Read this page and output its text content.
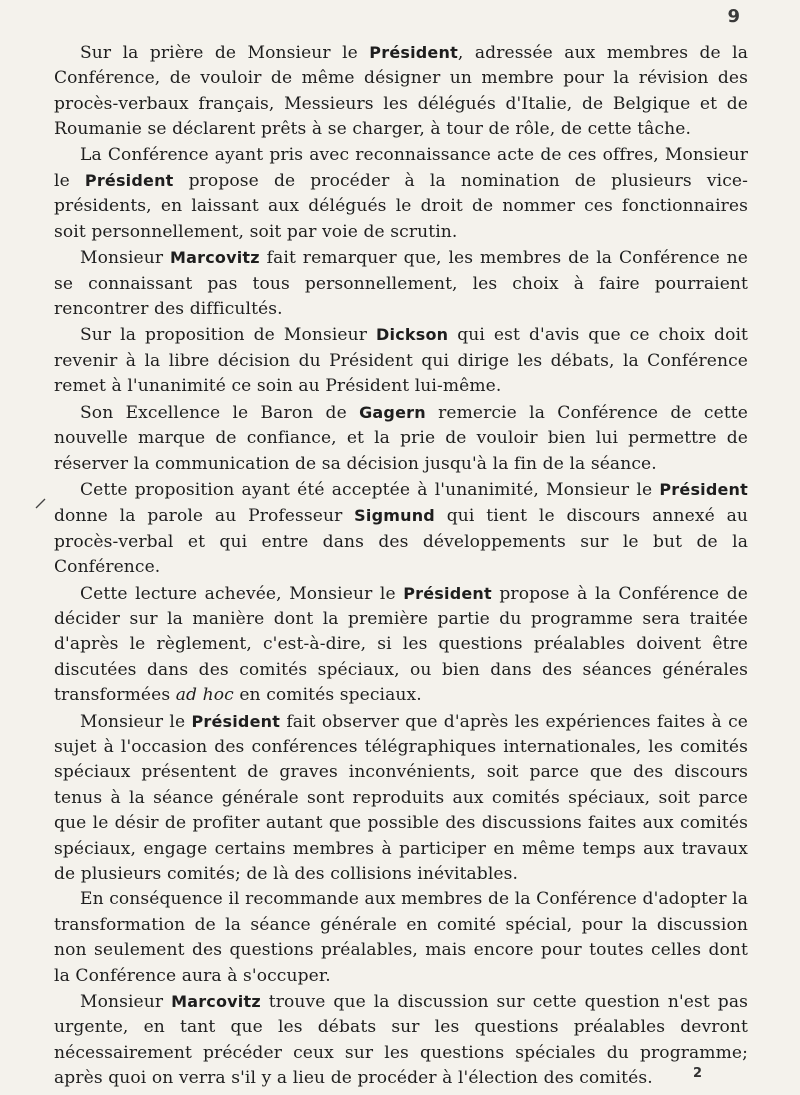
9

Sur la prière de Monsieur le Président, adressée aux membres de la Conférence, de vouloir de même désigner un membre pour la révision des procès-verbaux français, Messieurs les délégués d'Italie, de Belgique et de Roumanie se déclarent prêts à se charger, à tour de rôle, de cette tâche.

La Conférence ayant pris avec reconnaissance acte de ces offres, Monsieur le Président propose de procéder à la nomination de plusieurs vice-présidents, en laissant aux délégués le droit de nommer ces fonctionnaires soit personnellement, soit par voie de scrutin.

Monsieur Marcovitz fait remarquer que, les membres de la Conférence ne se connaissant pas tous personnellement, les choix à faire pourraient rencontrer des difficultés.

Sur la proposition de Monsieur Dickson qui est d'avis que ce choix doit revenir à la libre décision du Président qui dirige les débats, la Conférence remet à l'unanimité ce soin au Président lui-même.

Son Excellence le Baron de Gagern remercie la Conférence de cette nouvelle marque de confiance, et la prie de vouloir bien lui permettre de réserver la communication de sa décision jusqu'à la fin de la séance.

Cette proposition ayant été acceptée à l'unanimité, Monsieur le Président donne la parole au Professeur Sigmund qui tient le discours annexé au procès-verbal et qui entre dans des développements sur le but de la Conférence.

Cette lecture achevée, Monsieur le Président propose à la Conférence de décider sur la manière dont la première partie du programme sera traitée d'après le règlement, c'est-à-dire, si les questions préalables doivent être discutées dans des comités spéciaux, ou bien dans des séances générales transformées ad hoc en comités speciaux.

Monsieur le Président fait observer que d'après les expériences faites à ce sujet à l'occasion des conférences télégraphiques internationales, les comités spéciaux présentent de graves inconvénients, soit parce que des discours tenus à la séance générale sont reproduits aux comités spéciaux, soit parce que le désir de profiter autant que possible des discussions faites aux comités spéciaux, engage certains membres à participer en même temps aux travaux de plusieurs comités; de là des collisions inévitables.

En conséquence il recommande aux membres de la Conférence d'adopter la transformation de la séance générale en comité spécial, pour la discussion non seulement des questions préalables, mais encore pour toutes celles dont la Conférence aura à s'occuper.

Monsieur Marcovitz trouve que la discussion sur cette question n'est pas urgente, en tant que les débats sur les questions préalables devront nécessairement précéder ceux sur les questions spéciales du programme; après quoi on verra s'il y a lieu de procéder à l'élection des comités.	2
